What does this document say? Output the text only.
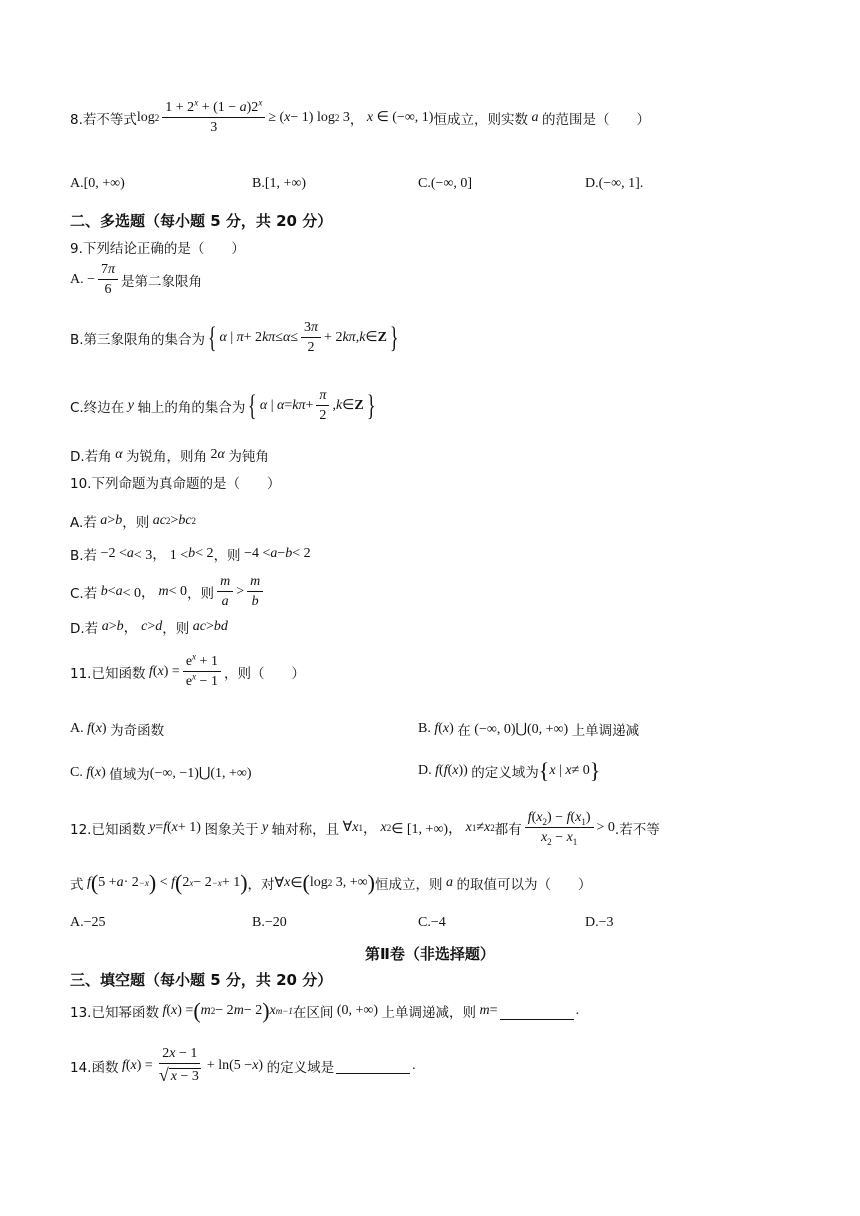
8.若不等式 $\log 2 \frac{1 + 2^x + (1 - a)2^x}{3}$ ≥ ( x − 1) log 2 3 ， x ∈ (−∞, 1) 恒成立，则实数 a 的范围是（　　）
A. [0, +∞)	B. [1, +∞)	C. (−∞, 0]	D. (−∞, 1].
二、多选题（每小题 5 分，共 20 分）
9.下列结论正确的是（　　）
A. − $\frac{7\pi}{6}$ 是第二象限角
B.第三象限角的集合为 { α | π + 2 $k\pi \le \alpha \le \frac{3\pi}{2} + 2$ kπ , k ∈ Z }
C.终边在 y 轴上的角的集合为 { α | $\alpha = k\pi + \frac{\pi}{2}$ , k ∈ Z }
D.若角 α 为锐角，则角 2 α 为钝角
10.下列命题为真命题的是（　　）
A.若 a > b ，则 ac 2 > bc 2
B.若 −2 < a < 3， 1 < b < 2 ，则 −4 < a − b < 2
C.若 b < a < 0， m < 0 ，则 $\frac{m}{a} > \frac{m}{b}$
D.若 a > b ， c > d ，则 ac > bd
11.已知函数 f ( x ) = $\frac{e^x + 1}{e^x - 1}$ ，则（　　）
A. f ( x ) 为奇函数	B. f ( x ) 在 (−∞, 0)⋃(0, +∞) 上单调递减
C. f ( x ) 值域为 (−∞, −1)⋃(1, +∞)	D. f ( f ( x )) 的定义域为 { x | x ≠ 0 }
12.已知函数 y = f ( x + 1) 图象关于 y 轴对称，且 ∀ x 1 ， x 2 ∈ [1, +∞)， x 1 ≠ x 2 都有 $\frac{f(x_2) - f(x_1)}{x_2 - x_1} > 0$ .若不等
式 f ( 5 + a · 2 −x ) < f ( 2 x − 2 −x + 1 ) ，对 ∀ x ∈ ( log 2 3, +∞ ) 恒成立，则 a 的取值可以为（　　）
A.−25	B.−20	C.−4	D.−3
第Ⅱ卷（非选择题）
三、填空题（每小题 5 分，共 20 分）
13.已知幂函数 f ( x ) = ( m 2 − 2 m − 2 ) x m−1 在区间 (0, +∞) 上单调递减，则 m =	.
14.函数 f ( x ) = $\frac{2x - 1}{√ x - 3} + \ln(5 - x$ ) 的定义域是	.
